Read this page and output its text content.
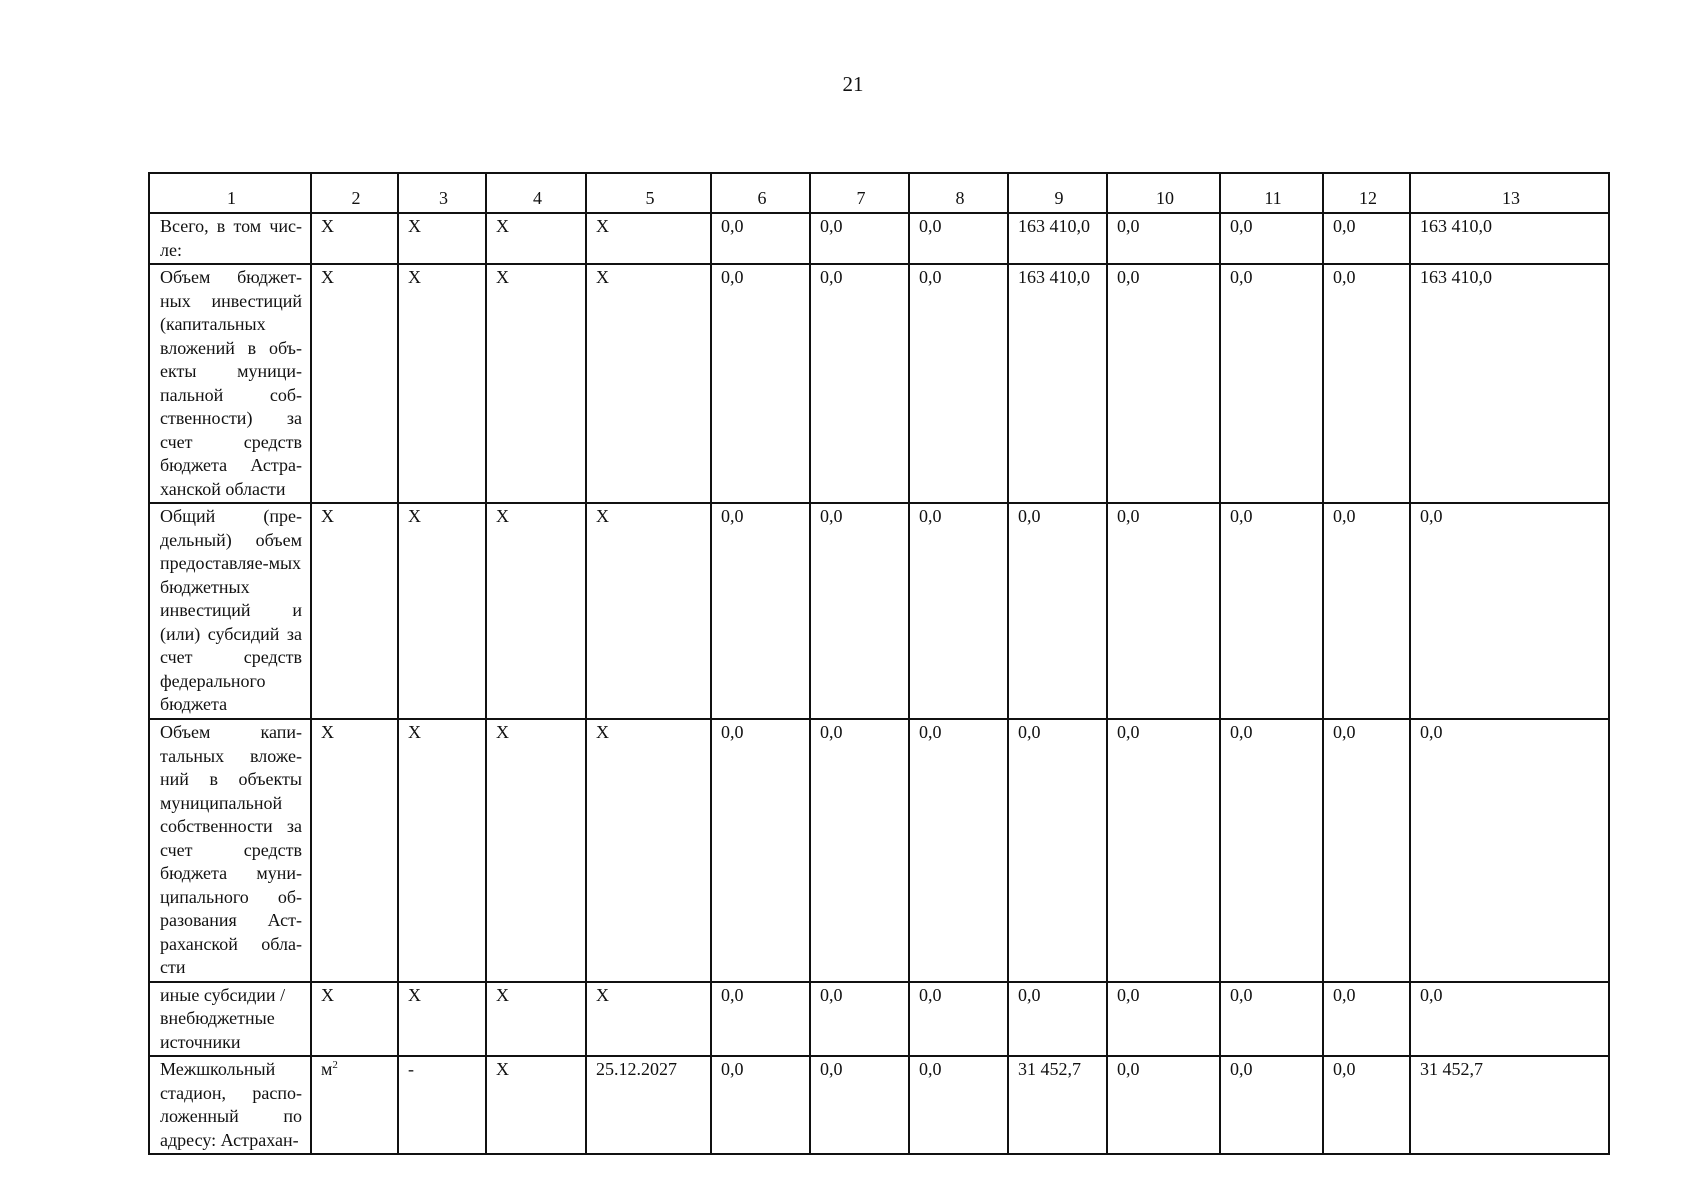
21
1	2	3	4	5	6	7	8	9	10	11	12	13
Всего, в том чис-ле:	X	X	X	X	0,0	0,0	0,0	163 410,0	0,0	0,0	0,0	163 410,0
Объем бюджет-ных инвестиций (капитальных вложений в объ-екты муници-пальной соб-ственности) за счет средств бюджета Астра-ханской области	X	X	X	X	0,0	0,0	0,0	163 410,0	0,0	0,0	0,0	163 410,0
Общий (пре-дельный) объем предоставляе-мых бюджетных инвестиций и (или) субсидий за счет средств федерального бюджета	X	X	X	X	0,0	0,0	0,0	0,0	0,0	0,0	0,0	0,0
Объем капи-тальных вложе-ний в объекты муниципальной собственности за счет средств бюджета муни-ципального об-разования Аст-раханской обла-сти	X	X	X	X	0,0	0,0	0,0	0,0	0,0	0,0	0,0	0,0
иные субсидии / внебюджетные источники	X	X	X	X	0,0	0,0	0,0	0,0	0,0	0,0	0,0	0,0
Межшкольный стадион, распо-ложенный по адресу: Астрахан-	$м^2$	-	X	25.12.2027	0,0	0,0	0,0	31 452,7	0,0	0,0	0,0	31 452,7
